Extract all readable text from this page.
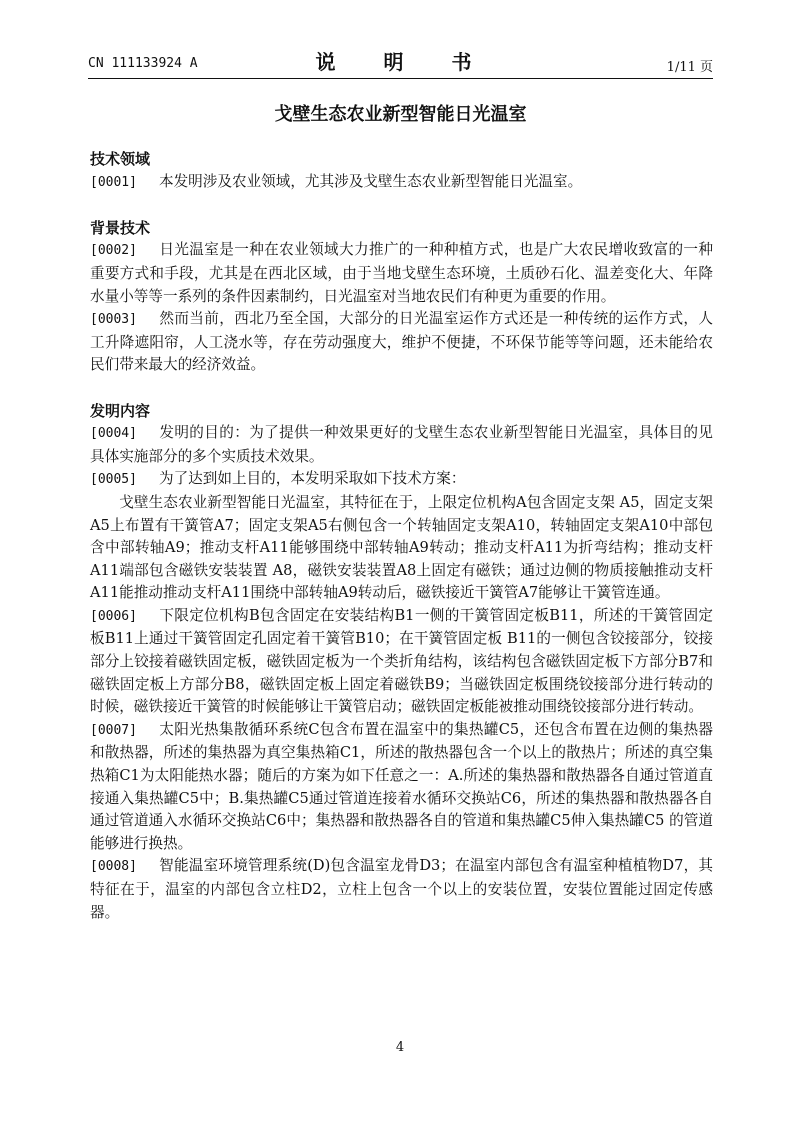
CN 111133924 A	说　明　书	1/11 页
戈壁生态农业新型智能日光温室
技术领域

[0001] 本发明涉及农业领域，尤其涉及戈壁生态农业新型智能日光温室。

背景技术

[0002] 日光温室是一种在农业领域大力推广的一种种植方式，也是广大农民增收致富的一种重要方式和手段，尤其是在西北区域，由于当地戈壁生态环境，土质砂石化、温差变化大、年降水量小等等一系列的条件因素制约，日光温室对当地农民们有种更为重要的作用。

[0003] 然而当前，西北乃至全国，大部分的日光温室运作方式还是一种传统的运作方式，人工升降遮阳帘，人工浇水等，存在劳动强度大，维护不便捷，不环保节能等等问题，还未能给农民们带来最大的经济效益。

发明内容

[0004] 发明的目的：为了提供一种效果更好的戈壁生态农业新型智能日光温室，具体目的见具体实施部分的多个实质技术效果。

[0005] 为了达到如上目的，本发明采取如下技术方案：

戈壁生态农业新型智能日光温室，其特征在于，上限定位机构A包含固定支架 A5，固定支架A5上布置有干簧管A7；固定支架A5右侧包含一个转轴固定支架A10，转轴固定支架A10中部包含中部转轴A9；推动支杆A11能够围绕中部转轴A9转动；推动支杆A11为折弯结构；推动支杆A11端部包含磁铁安装装置 A8，磁铁安装装置A8上固定有磁铁；通过边侧的物质接触推动支杆A11能推动推动支杆A11围绕中部转轴A9转动后，磁铁接近干簧管A7能够让干簧管连通。

[0006] 下限定位机构B包含固定在安装结构B1一侧的干簧管固定板B11，所述的干簧管固定板B11上通过干簧管固定孔固定着干簧管B10；在干簧管固定板 B11的一侧包含铰接部分，铰接部分上铰接着磁铁固定板，磁铁固定板为一个类折角结构，该结构包含磁铁固定板下方部分B7和磁铁固定板上方部分B8，磁铁固定板上固定着磁铁B9；当磁铁固定板围绕铰接部分进行转动的时候，磁铁接近干簧管的时候能够让干簧管启动；磁铁固定板能被推动围绕铰接部分进行转动。

[0007] 太阳光热集散循环系统C包含布置在温室中的集热罐C5，还包含布置在边侧的集热器和散热器，所述的集热器为真空集热箱C1，所述的散热器包含一个以上的散热片；所述的真空集热箱C1为太阳能热水器；随后的方案为如下任意之一：A.所述的集热器和散热器各自通过管道直接通入集热罐C5中；B.集热罐C5通过管道连接着水循环交换站C6，所述的集热器和散热器各自通过管道通入水循环交换站C6中；集热器和散热器各自的管道和集热罐C5伸入集热罐C5 的管道能够进行换热。

[0008] 智能温室环境管理系统(D)包含温室龙骨D3；在温室内部包含有温室种植植物D7，其特征在于，温室的内部包含立柱D2，立柱上包含一个以上的安装位置，安装位置能过固定传感器。

4
